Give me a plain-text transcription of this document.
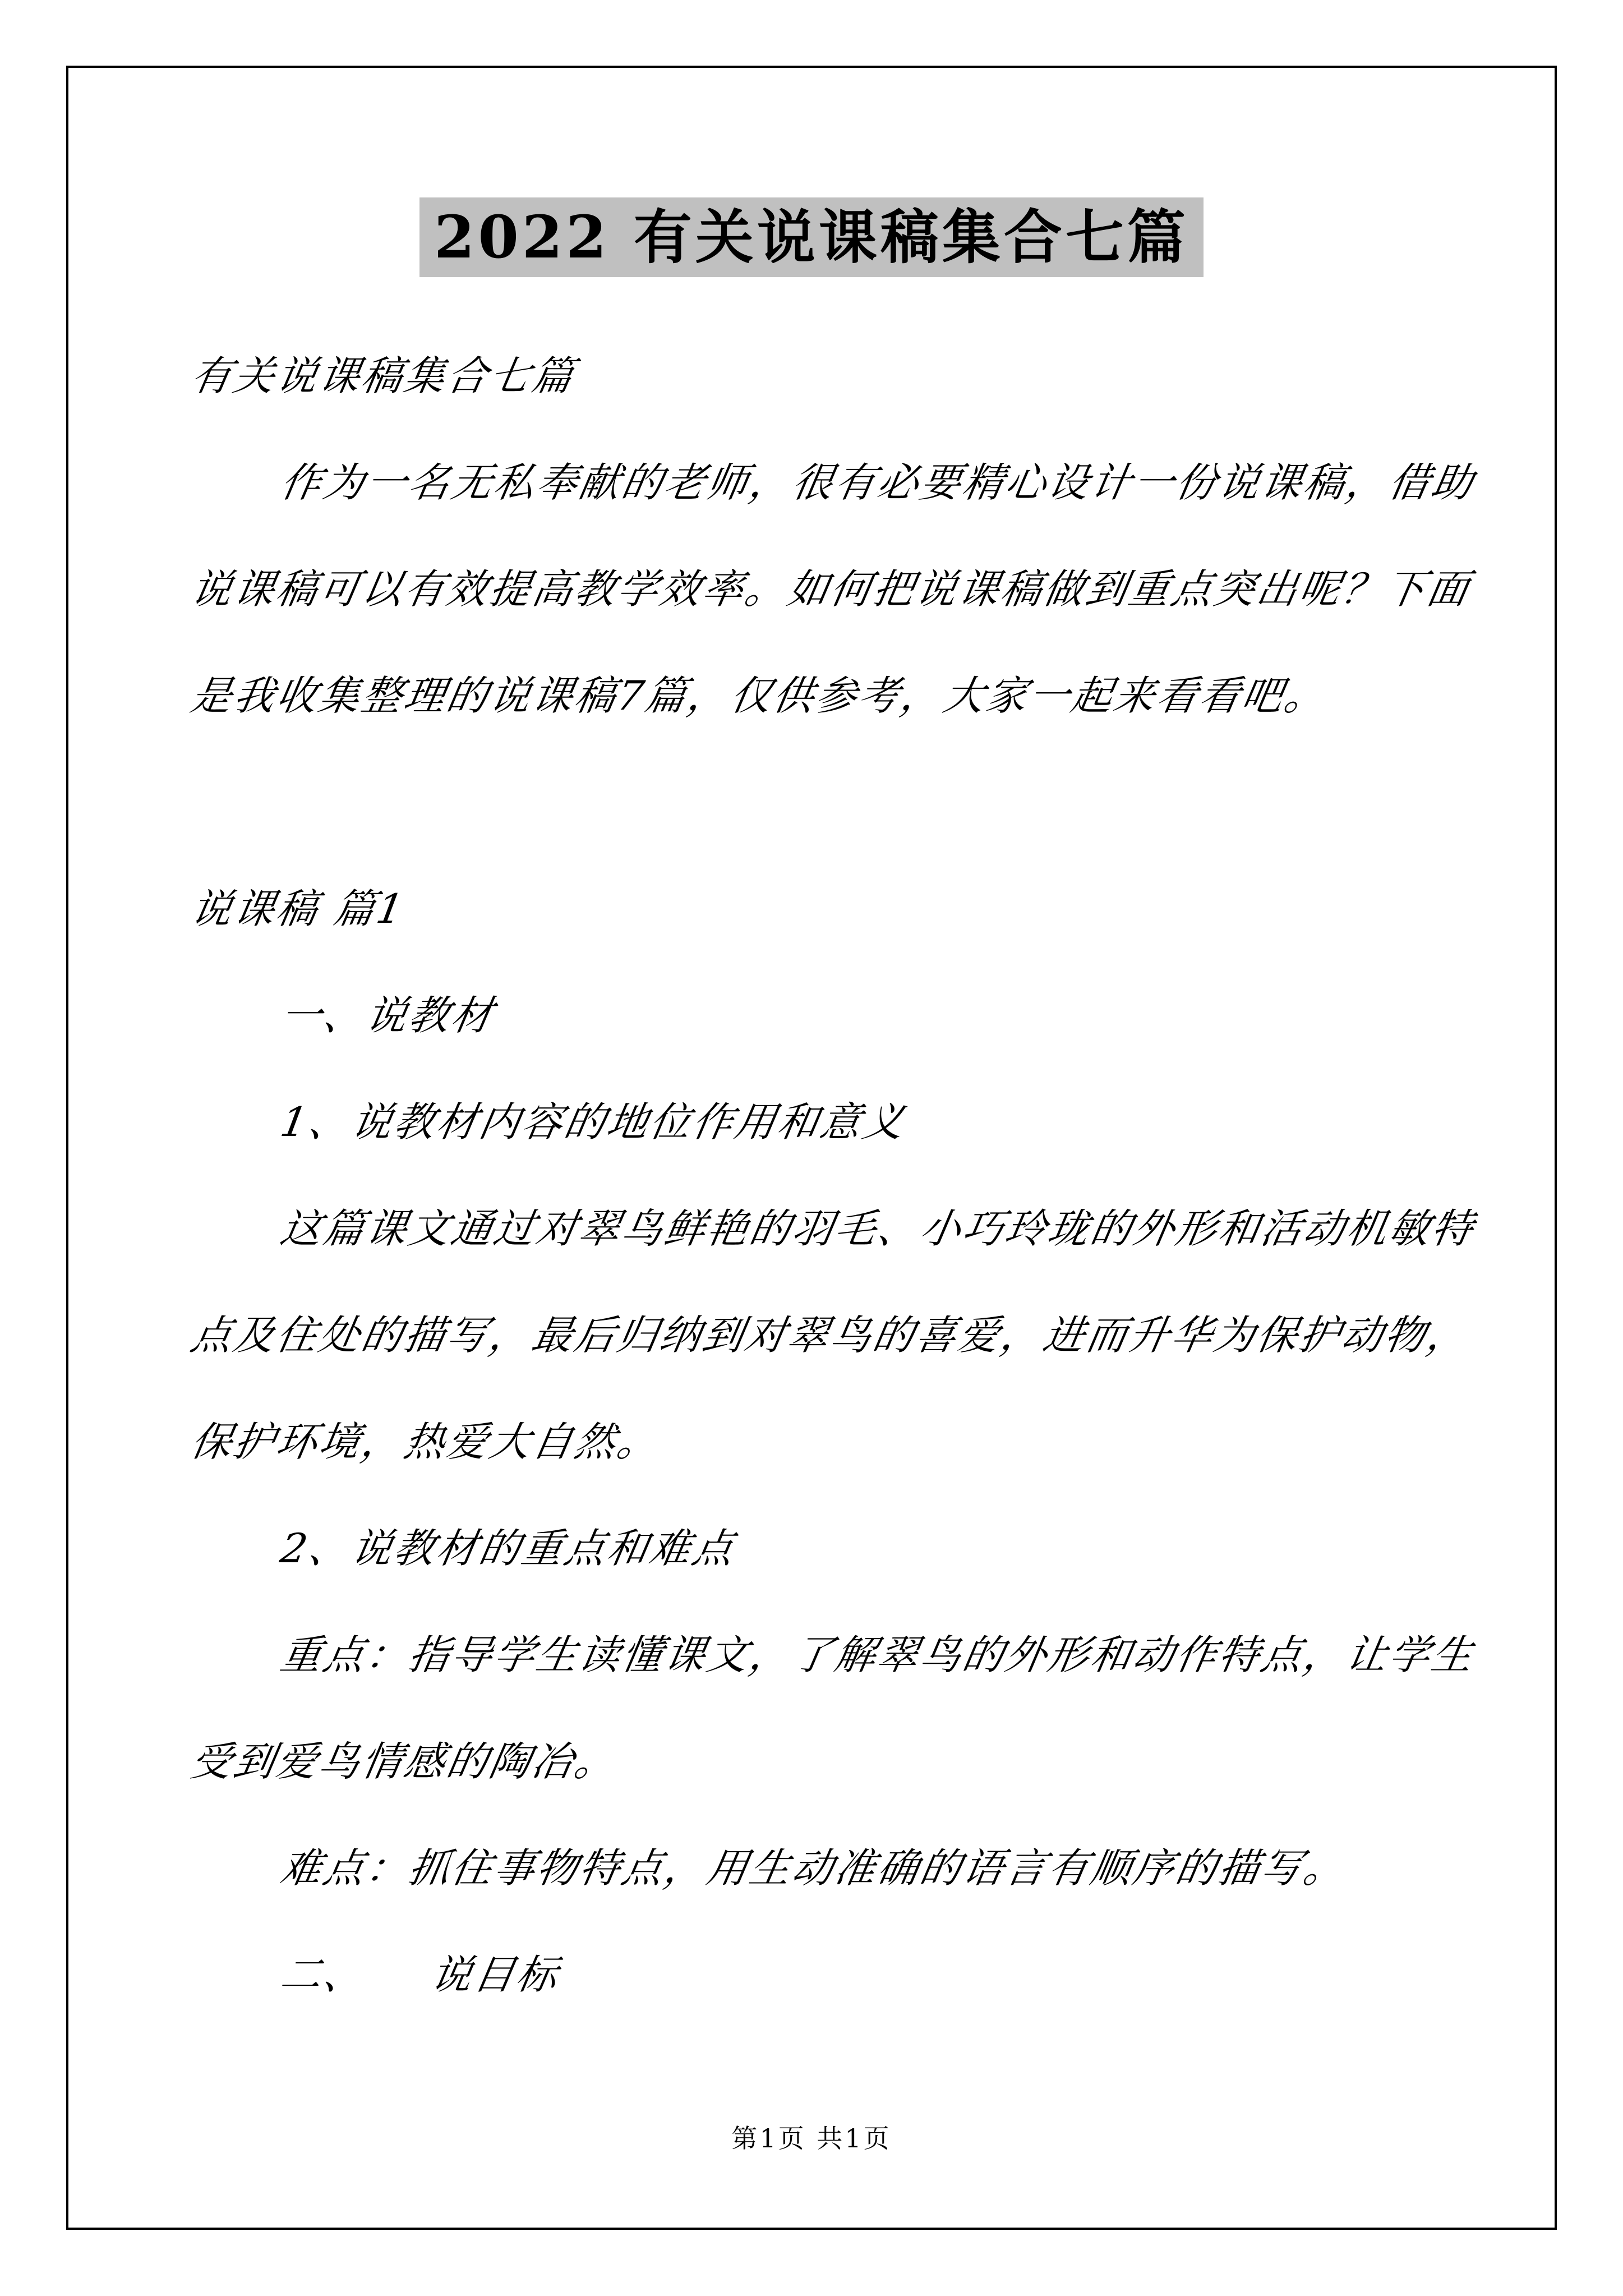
2022 有关说课稿集合七篇
有关说课稿集合七篇
作为一名无私奉献的老师，很有必要精心设计一份说课稿，借助
说课稿可以有效提高教学效率。如何把说课稿做到重点突出呢？下面
是我收集整理的说课稿7篇，仅供参考，大家一起来看看吧。
说课稿 篇1
一、说教材
1、说教材内容的地位作用和意义
这篇课文通过对翠鸟鲜艳的羽毛、小巧玲珑的外形和活动机敏特
点及住处的描写，最后归纳到对翠鸟的喜爱，进而升华为保护动物，
保护环境，热爱大自然。
2、说教材的重点和难点
重点：指导学生读懂课文，了解翠鸟的外形和动作特点，让学生
受到爱鸟情感的陶冶。
难点：抓住事物特点，用生动准确的语言有顺序的描写。
二、　　说目标
第1页 共1页
